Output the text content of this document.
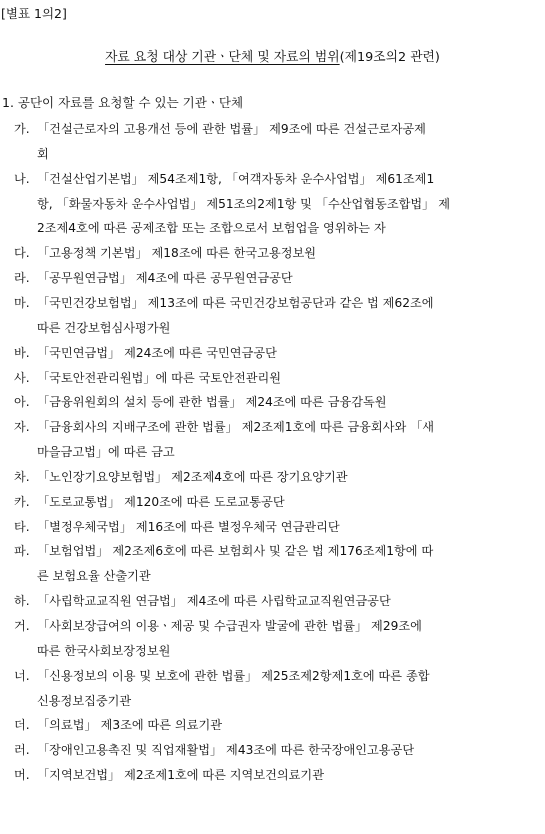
[별표 1의2]
자료 요청 대상 기관ㆍ단체 및 자료의 범위(제19조의2 관련)
1. 공단이 자료를 요청할 수 있는 기관ㆍ단체
가. 「건설근로자의 고용개선 등에 관한 법률」 제9조에 따른 건설근로자공제
회
나. 「건설산업기본법」 제54조제1항, 「여객자동차 운수사업법」 제61조제1
항, 「화물자동차 운수사업법」 제51조의2제1항 및 「수산업협동조합법」 제
2조제4호에 따른 공제조합 또는 조합으로서 보험업을 영위하는 자
다. 「고용정책 기본법」 제18조에 따른 한국고용정보원
라. 「공무원연금법」 제4조에 따른 공무원연금공단
마. 「국민건강보험법」 제13조에 따른 국민건강보험공단과 같은 법 제62조에
따른 건강보험심사평가원
바. 「국민연금법」 제24조에 따른 국민연금공단
사. 「국토안전관리원법」에 따른 국토안전관리원
아. 「금융위원회의 설치 등에 관한 법률」 제24조에 따른 금융감독원
자. 「금융회사의 지배구조에 관한 법률」 제2조제1호에 따른 금융회사와 「새
마을금고법」에 따른 금고
차. 「노인장기요양보험법」 제2조제4호에 따른 장기요양기관
카. 「도로교통법」 제120조에 따른 도로교통공단
타. 「별정우체국법」 제16조에 따른 별정우체국 연금관리단
파. 「보험업법」 제2조제6호에 따른 보험회사 및 같은 법 제176조제1항에 따
른 보험요율 산출기관
하. 「사립학교교직원 연금법」 제4조에 따른 사립학교교직원연금공단
거. 「사회보장급여의 이용ㆍ제공 및 수급권자 발굴에 관한 법률」 제29조에
따른 한국사회보장정보원
너. 「신용정보의 이용 및 보호에 관한 법률」 제25조제2항제1호에 따른 종합
신용정보집중기관
더. 「의료법」 제3조에 따른 의료기관
러. 「장애인고용촉진 및 직업재활법」 제43조에 따른 한국장애인고용공단
머. 「지역보건법」 제2조제1호에 따른 지역보건의료기관
